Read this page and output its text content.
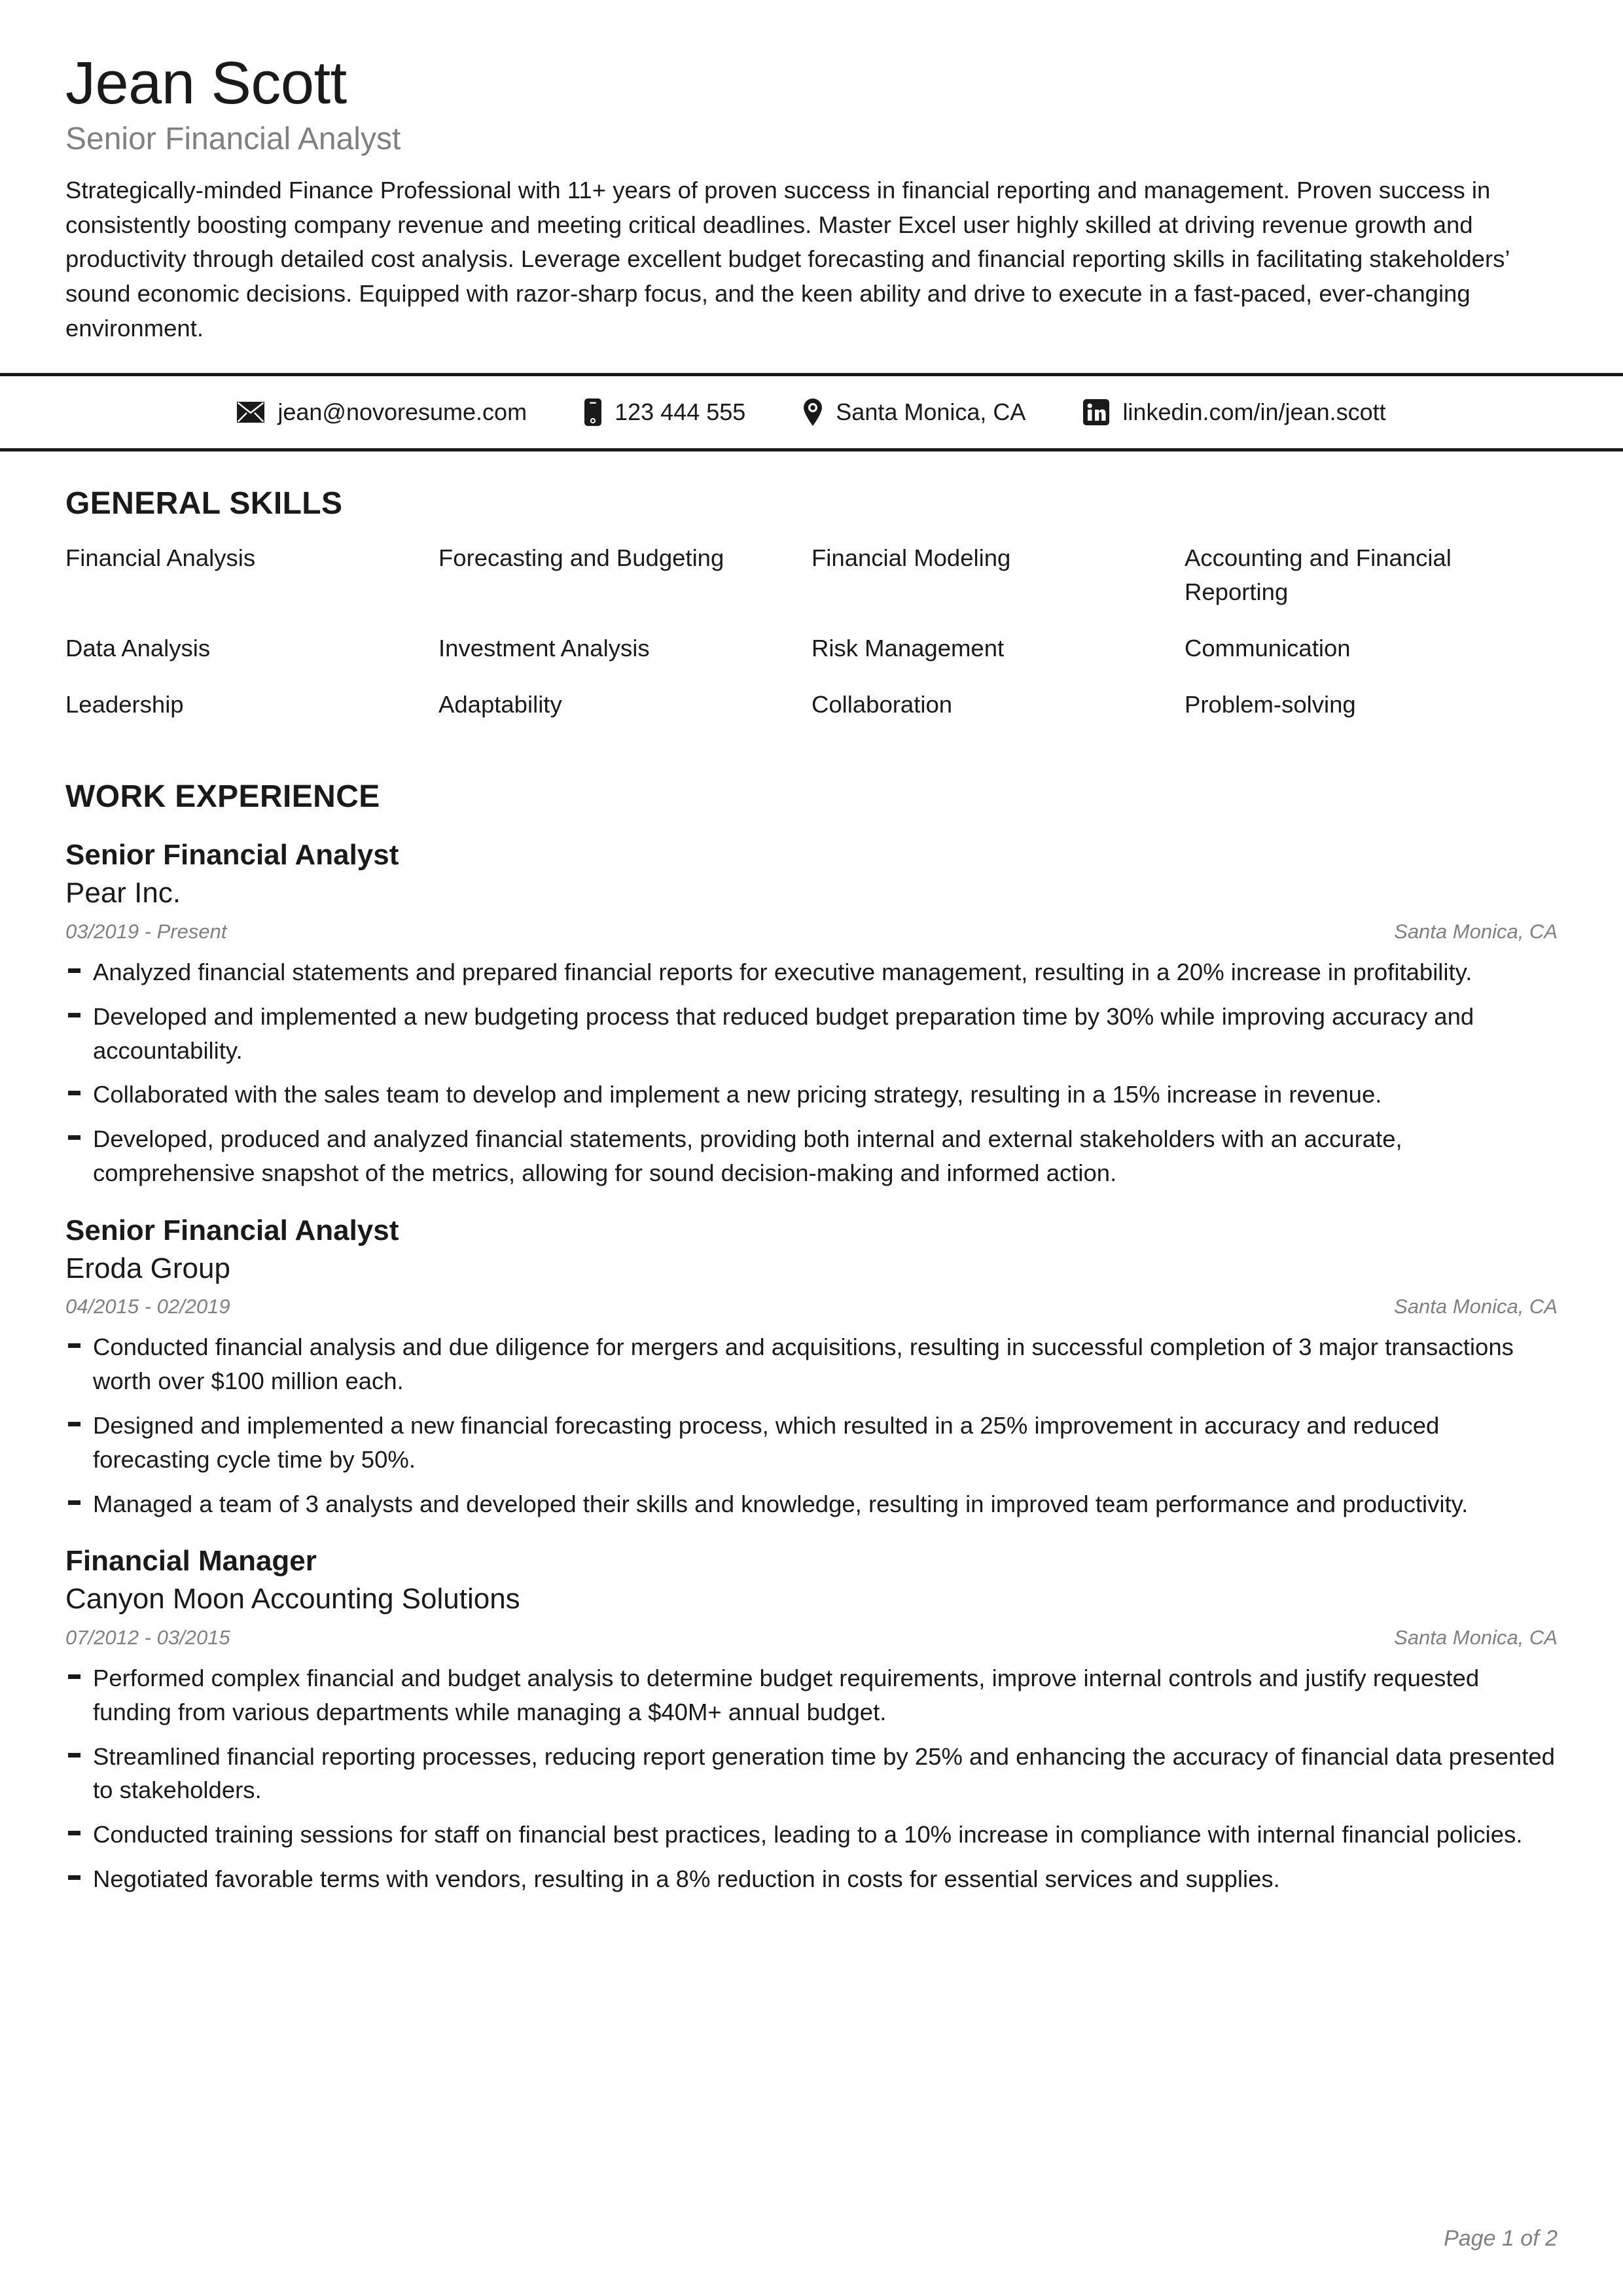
Jean Scott
Senior Financial Analyst

Strategically-minded Finance Professional with 11+ years of proven success in financial reporting and management. Proven success in consistently boosting company revenue and meeting critical deadlines. Master Excel user highly skilled at driving revenue growth and productivity through detailed cost analysis. Leverage excellent budget forecasting and financial reporting skills in facilitating stakeholders’ sound economic decisions. Equipped with razor-sharp focus, and the keen ability and drive to execute in a fast-paced, ever-changing environment.

jean@novoresume.com	123 444 555	Santa Monica, CA	linkedin.com/in/jean.scott
GENERAL SKILLS
Financial Analysis	Forecasting and Budgeting	Financial Modeling	Accounting and Financial Reporting
Data Analysis	Investment Analysis	Risk Management	Communication
Leadership	Adaptability	Collaboration	Problem-solving
WORK EXPERIENCE
Senior Financial Analyst
Pear Inc.
03/2019 - Present	Santa Monica, CA
Analyzed financial statements and prepared financial reports for executive management, resulting in a 20% increase in profitability.
Developed and implemented a new budgeting process that reduced budget preparation time by 30% while improving accuracy and accountability.
Collaborated with the sales team to develop and implement a new pricing strategy, resulting in a 15% increase in revenue.
Developed, produced and analyzed financial statements, providing both internal and external stakeholders with an accurate, comprehensive snapshot of the metrics, allowing for sound decision-making and informed action.
Senior Financial Analyst
Eroda Group
04/2015 - 02/2019	Santa Monica, CA
Conducted financial analysis and due diligence for mergers and acquisitions, resulting in successful completion of 3 major transactions worth over $100 million each.
Designed and implemented a new financial forecasting process, which resulted in a 25% improvement in accuracy and reduced forecasting cycle time by 50%.
Managed a team of 3 analysts and developed their skills and knowledge, resulting in improved team performance and productivity.
Financial Manager
Canyon Moon Accounting Solutions
07/2012 - 03/2015	Santa Monica, CA
Performed complex financial and budget analysis to determine budget requirements, improve internal controls and justify requested funding from various departments while managing a $40M+ annual budget.
Streamlined financial reporting processes, reducing report generation time by 25% and enhancing the accuracy of financial data presented to stakeholders.
Conducted training sessions for staff on financial best practices, leading to a 10% increase in compliance with internal financial policies.
Negotiated favorable terms with vendors, resulting in a 8% reduction in costs for essential services and supplies.
Page 1 of 2
